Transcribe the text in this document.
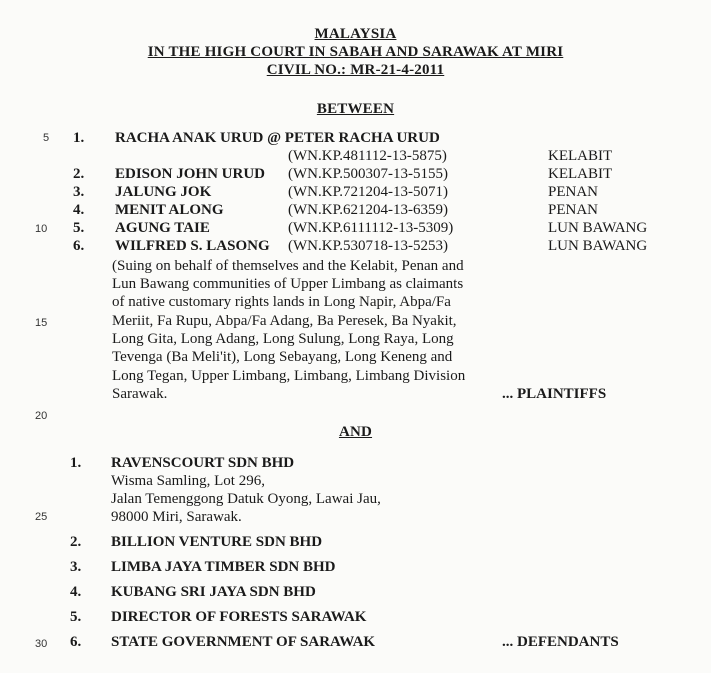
MALAYSIA
IN THE HIGH COURT IN SABAH AND SARAWAK AT MIRI
CIVIL NO.: MR-21-4-2011
BETWEEN
5
10
15
20
25
30
1. RACHA ANAK URUD @ PETER RACHA URUD
(WN.KP.481112-13-5875)	KELABIT
2. EDISON JOHN URUD (WN.KP.500307-13-5155)	KELABIT
3. JALUNG JOK	(WN.KP.721204-13-5071)	PENAN
4. MENIT ALONG	(WN.KP.621204-13-6359)	PENAN
5. AGUNG TAIE	(WN.KP.6111112-13-5309)	LUN BAWANG
6. WILFRED S. LASONG (WN.KP.530718-13-5253)	LUN BAWANG
(Suing on behalf of themselves and the Kelabit, Penan and
Lun Bawang communities of Upper Limbang as claimants
of native customary rights lands in Long Napir, Abpa/Fa
Meriit, Fa Rupu, Abpa/Fa Adang, Ba Peresek, Ba Nyakit,
Long Gita, Long Adang, Long Sulung, Long Raya, Long
Tevenga (Ba Meli'it), Long Sebayang, Long Keneng and
Long Tegan, Upper Limbang, Limbang, Limbang Division
Sarawak.	... PLAINTIFFS
AND
1. RAVENSCOURT SDN BHD
Wisma Samling, Lot 296,
Jalan Temenggong Datuk Oyong, Lawai Jau,
98000 Miri, Sarawak.
2. BILLION VENTURE SDN BHD
3. LIMBA JAYA TIMBER SDN BHD
4. KUBANG SRI JAYA SDN BHD
5. DIRECTOR OF FORESTS SARAWAK
6. STATE GOVERNMENT OF SARAWAK	... DEFENDANTS
